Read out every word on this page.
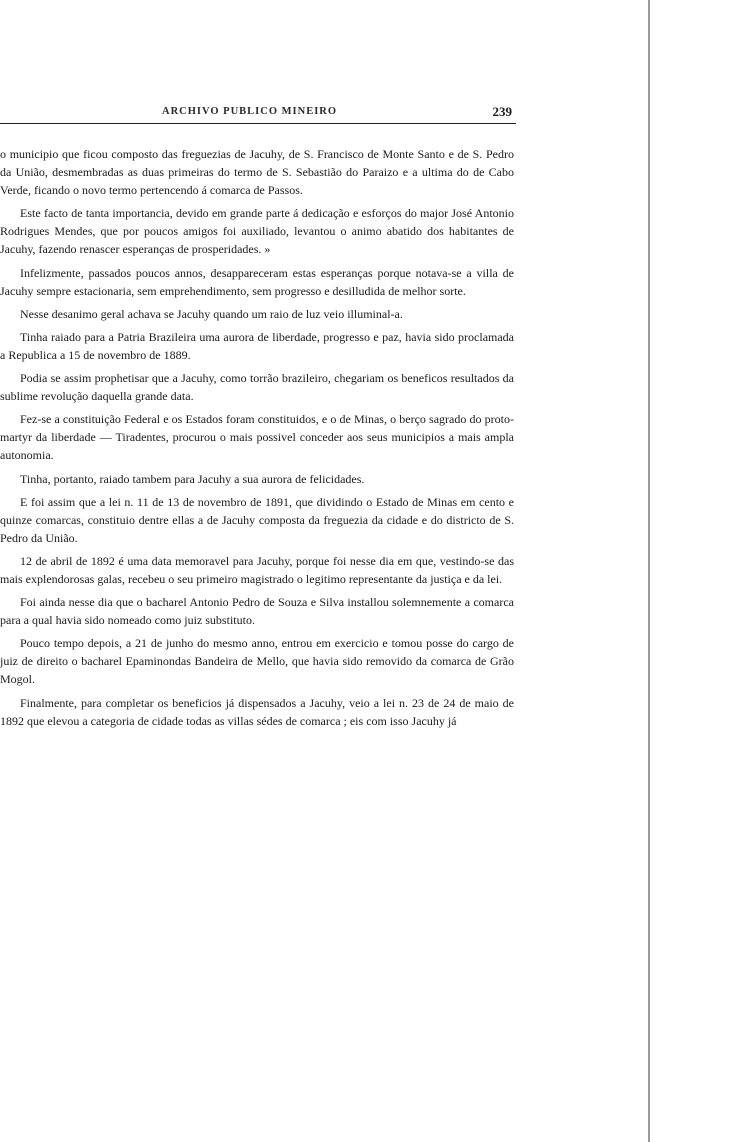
ARCHIVO PUBLICO MINEIRO	239

o municipio que ficou composto das freguezias de Jacuhy, de S. Francisco de Monte Santo e de S. Pedro da União, desmembradas as duas primeiras do termo de S. Sebastião do Paraizo e a ultima do de Cabo Verde, ficando o novo termo pertencendo á comarca de Passos.

Este facto de tanta importancia, devido em grande parte á dedicação e esforços do major José Antonio Rodrigues Mendes, que por poucos amigos foi auxiliado, levantou o animo abatido dos habitantes de Jacuhy, fazendo renascer esperanças de prosperidades. »

Infelizmente, passados poucos annos, desappareceram estas esperanças porque notava-se a villa de Jacuhy sempre estacionaria, sem emprehendimento, sem progresso e desilludida de melhor sorte.

Nesse desanimo geral achava se Jacuhy quando um raio de luz veio illuminal-a.

Tinha raiado para a Patria Brazileira uma aurora de liberdade, progresso e paz, havia sido proclamada a Republica a 15 de novembro de 1889.

Podia se assim prophetisar que a Jacuhy, como torrão brazileiro, chegariam os beneficos resultados da sublime revolução daquella grande data.

Fez-se a constituição Federal e os Estados foram constituidos, e o de Minas, o berço sagrado do proto-martyr da liberdade — Tiradentes, procurou o mais possivel conceder aos seus municipios a mais ampla autonomia.

Tinha, portanto, raiado tambem para Jacuhy a sua aurora de felicidades.

E foi assim que a lei n. 11 de 13 de novembro de 1891, que dividindo o Estado de Minas em cento e quinze comarcas, constituio dentre ellas a de Jacuhy composta da freguezia da cidade e do districto de S. Pedro da União.

12 de abril de 1892 é uma data memoravel para Jacuhy, porque foi nesse dia em que, vestindo-se das mais explendorosas galas, recebeu o seu primeiro magistrado o legitimo representante da justiça e da lei.

Foi ainda nesse dia que o bacharel Antonio Pedro de Souza e Silva installou solemnemente a comarca para a qual havia sido nomeado como juiz substituto.

Pouco tempo depois, a 21 de junho do mesmo anno, entrou em exercicio e tomou posse do cargo de juiz de direito o bacharel Epaminondas Bandeira de Mello, que havia sido removido da comarca de Grão Mogol.

Finalmente, para completar os beneficios já dispensados a Jacuhy, veio a lei n. 23 de 24 de maio de 1892 que elevou a categoria de cidade todas as villas sédes de comarca ; eis com isso Jacuhy já
